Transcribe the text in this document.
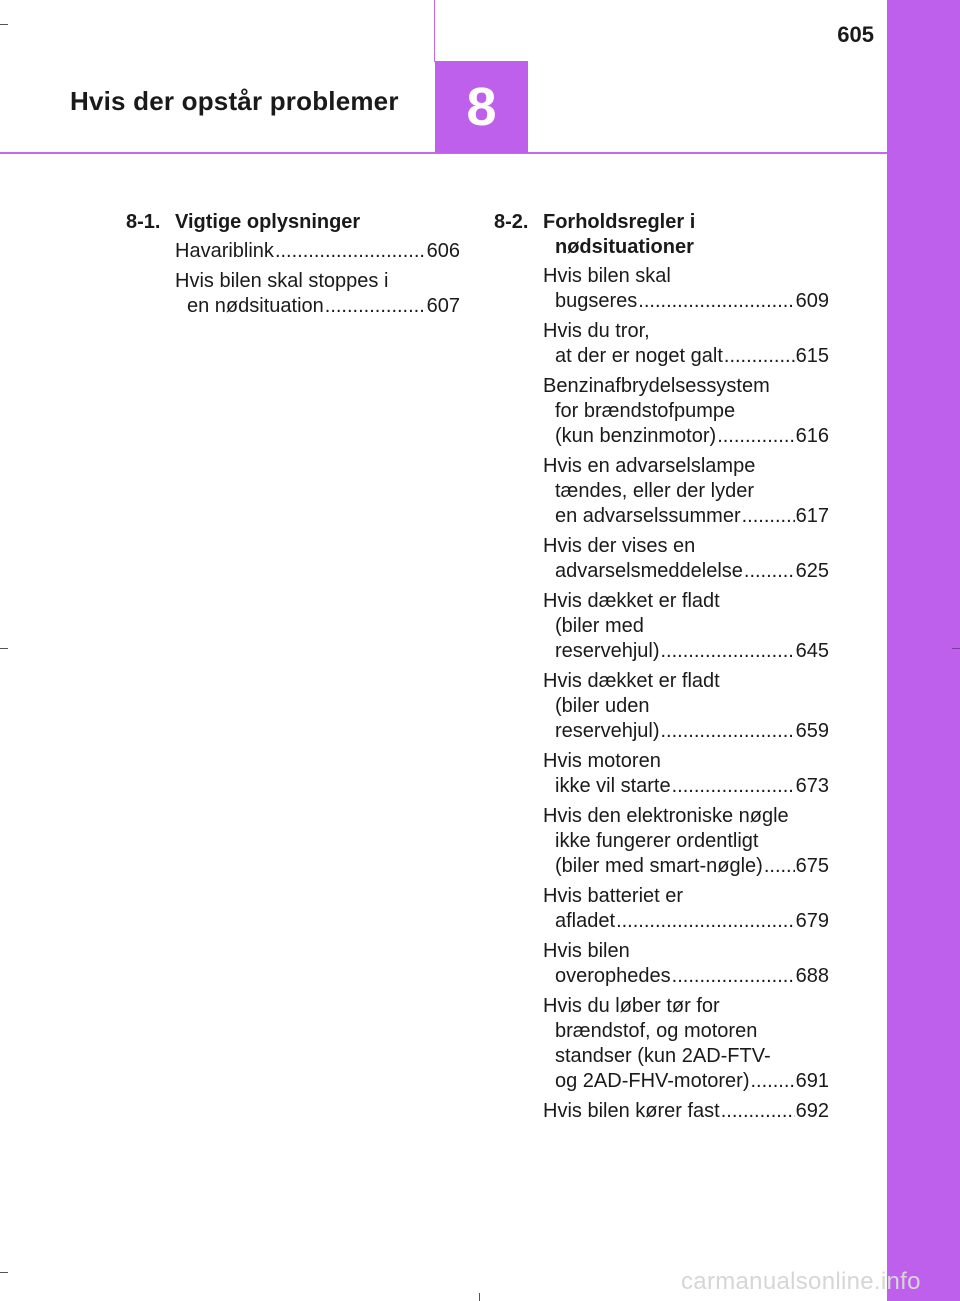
605
Hvis der opstår problemer	8
8-1. Vigtige oplysninger
Havariblink .....	606
Hvis bilen skal stoppes i
en nødsituation .....	607
8-2. Forholdsregler i nødsituationer
Hvis bilen skal
bugseres .....	609
Hvis du tror,
at der er noget galt .....	615
Benzinafbrydelsessystem
for brændstofpumpe
(kun benzinmotor) .....	616
Hvis en advarselslampe
tændes, eller der lyder
en advarselssummer .....	617
Hvis der vises en
advarselsmeddelelse .....	625
Hvis dækket er fladt
(biler med
reservehjul) .....	645
Hvis dækket er fladt
(biler uden
reservehjul) .....	659
Hvis motoren
ikke vil starte .....	673
Hvis den elektroniske nøgle
ikke fungerer ordentligt
(biler med smart-nøgle) ..... 675
Hvis batteriet er
afladet .....	679
Hvis bilen
overophedes .....	688
Hvis du løber tør for
brændstof, og motoren
standser (kun 2AD-FTV-
og 2AD-FHV-motorer) ..... 691
Hvis bilen kører fast .....	692
carmanualsonline.info
